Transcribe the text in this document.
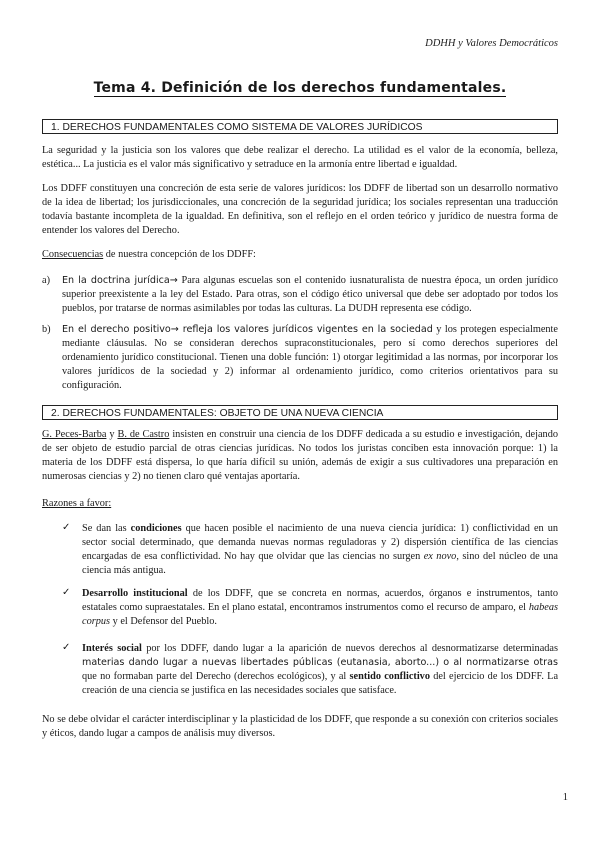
DDHH y Valores Democráticos
Tema 4. Definición de los derechos fundamentales.
1. DERECHOS FUNDAMENTALES COMO SISTEMA DE VALORES JURÍDICOS

La seguridad y la justicia son los valores que debe realizar el derecho. La utilidad es el valor de la economía, belleza, estética... La justicia es el valor más significativo y setraduce en la armonía entre libertad e igualdad.

Los DDFF constituyen una concreción de esta serie de valores jurídicos: los DDFF de libertad son un desarrollo normativo de la idea de libertad; los jurisdiccionales, una concreción de la seguridad jurídica; los sociales representan una traducción todavía bastante incompleta de la igualdad. En definitiva, son el reflejo en el orden teórico y jurídico de nuestra forma de entender los valores del Derecho.

Consecuencias de nuestra concepción de los DDFF:

a) En la doctrina jurídica→ Para algunas escuelas son el contenido iusnaturalista de nuestra época, un orden jurídico superior preexistente a la ley del Estado. Para otras, son el código ético universal que debe ser adoptado por todos los pueblos, por tratarse de normas asimilables por todas las culturas. La DUDH representa ese código.

b) En el derecho positivo→ refleja los valores jurídicos vigentes en la sociedad y los protegen especialmente mediante cláusulas. No se consideran derechos supraconstitucionales, pero sí como derechos superiores del ordenamiento jurídico constitucional. Tienen una doble función: 1) otorgar legitimidad a las normas, por incorporar los valores jurídicos de la sociedad y 2) informar al ordenamiento jurídico, como criterios orientativos para su configuración.

2. DERECHOS FUNDAMENTALES: OBJETO DE UNA NUEVA CIENCIA

G. Peces-Barba y B. de Castro insisten en construir una ciencia de los DDFF dedicada a su estudio e investigación, dejando de ser objeto de estudio parcial de otras ciencias jurídicas. No todos los juristas conciben esta innovación porque: 1) la materia de los DDFF está dispersa, lo que haría difícil su unión, además de exigir a sus cultivadores una preparación en numerosas ciencias y 2) no tienen claro qué ventajas aportaría.

Razones a favor:

✓ Se dan las condiciones que hacen posible el nacimiento de una nueva ciencia jurídica: 1) conflictividad en un sector social determinado, que demanda nuevas normas reguladoras y 2) dispersión científica de las ciencias encargadas de esa conflictividad. No hay que olvidar que las ciencias no surgen ex novo, sino del núcleo de una ciencia más antigua.

✓ Desarrollo institucional de los DDFF, que se concreta en normas, acuerdos, órganos e instrumentos, tanto estatales como supraestatales. En el plano estatal, encontramos instrumentos como el recurso de amparo, el habeas corpus y el Defensor del Pueblo.

✓ Interés social por los DDFF, dando lugar a la aparición de nuevos derechos al desnormatizarse determinadas materias dando lugar a nuevas libertades públicas (eutanasia, aborto...) o al normatizarse otras que no formaban parte del Derecho (derechos ecológicos), y al sentido conflictivo del ejercicio de los DDFF. La creación de una ciencia se justifica en las necesidades sociales que satisface.

No se debe olvidar el carácter interdisciplinar y la plasticidad de los DDFF, que responde a su conexión con criterios sociales y éticos, dando lugar a campos de análisis muy diversos.

1
